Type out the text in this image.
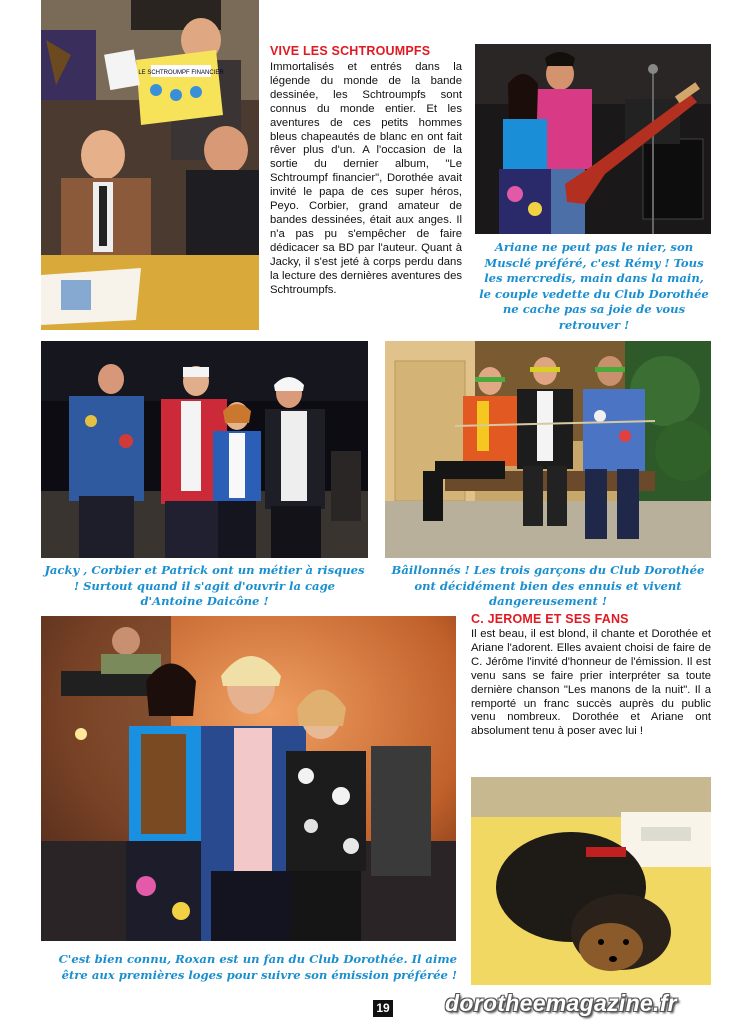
LE SCHTROUMPF FINANCIER
VIVE LES SCHTROUMPFS

Immortalisés et entrés dans la légende du monde de la bande dessinée, les Schtroumpfs sont connus du monde entier. Et les aventures de ces petits hommes bleus chapeautés de blanc en ont fait rêver plus d'un. A l'occasion de la sortie du dernier album, "Le Schtroumpf financier", Dorothée avait invité le papa de ces super héros, Peyo. Corbier, grand amateur de bandes dessinées, était aux anges. Il n'a pas pu s'empêcher de faire dédicacer sa BD par l'auteur. Quant à Jacky, il s'est jeté à corps perdu dans la lecture des dernières aventures des Schtroumpfs.

Ariane ne peut pas le nier, son Musclé préféré, c'est Rémy ! Tous les mercredis, main dans la main, le couple vedette du Club Dorothée ne cache pas sa joie de vous retrouver !

Jacky , Corbier et Patrick ont un métier à risques ! Surtout quand il s'agit d'ouvrir la cage d'Antoine Daicône !

Bâillonnés ! Les trois garçons du Club Dorothée ont décidément bien des ennuis et vivent dangereusement !

C. JEROME ET SES FANS

Il est beau, il est blond, il chante et Dorothée et Ariane l'adorent. Elles avaient choisi de faire de C. Jérôme l'invité d'honneur de l'émission. Il est venu sans se faire prier interpréter sa toute dernière chanson "Les manons de la nuit". Il a remporté un franc succès auprès du public venu nombreux. Dorothée et Ariane ont absolument tenu à poser avec lui !

C'est bien connu, Roxan est un fan du Club Dorothée. Il aime être aux premières loges pour suivre son émission préférée !

19 dorotheemagazine.fr
